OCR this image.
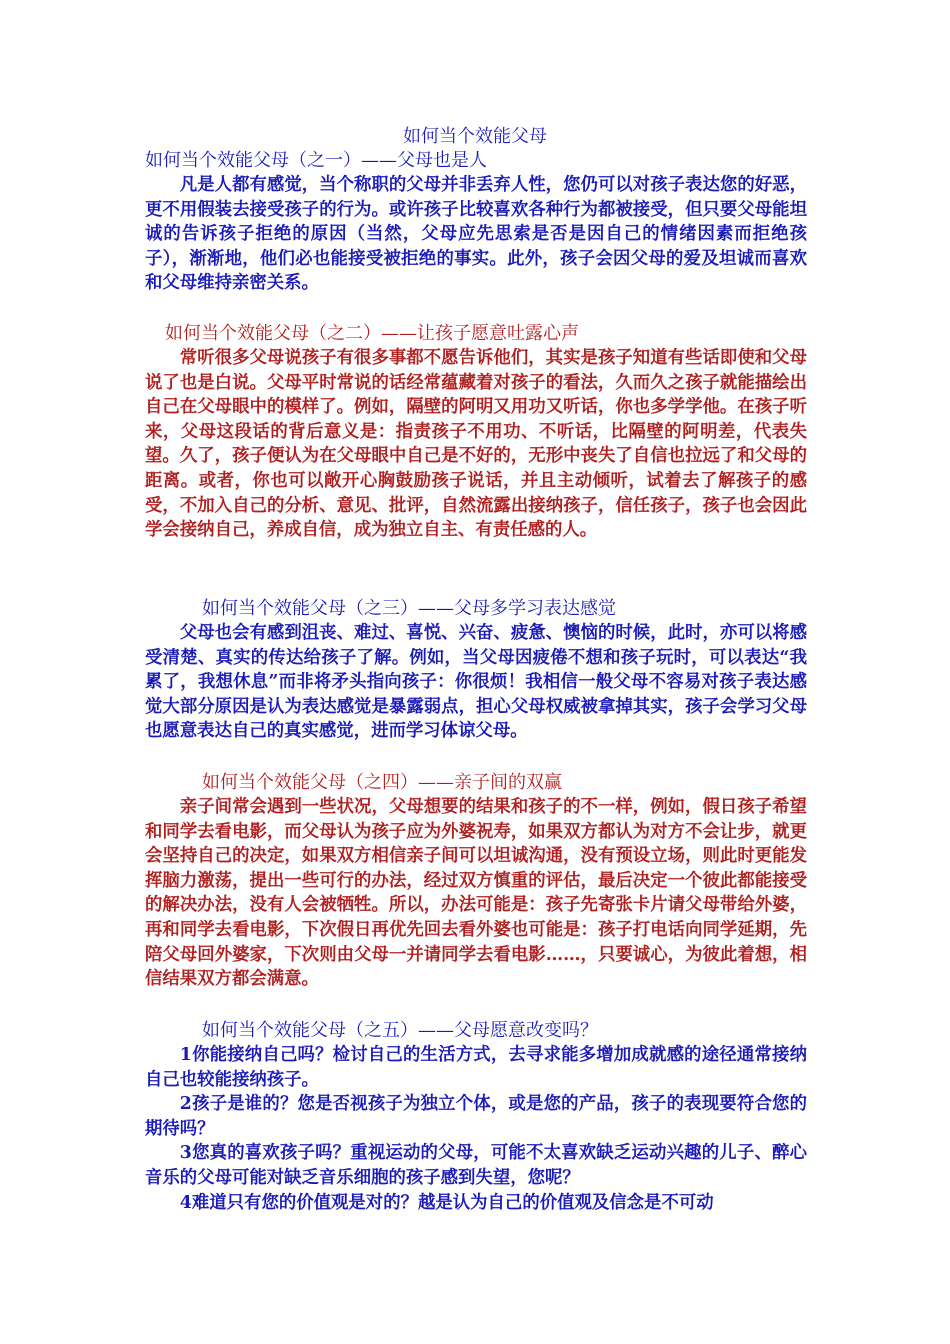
如何当个效能父母

如何当个效能父母（之一）——父母也是人

凡是人都有感觉，当个称职的父母并非丢弃人性，您仍可以对孩子表达您的好恶，更不用假装去接受孩子的行为。或许孩子比较喜欢各种行为都被接受，但只要父母能坦诚的告诉孩子拒绝的原因（当然，父母应先思索是否是因自己的情绪因素而拒绝孩子），渐渐地，他们必也能接受被拒绝的事实。此外，孩子会因父母的爱及坦诚而喜欢和父母维持亲密关系。

如何当个效能父母（之二）——让孩子愿意吐露心声

常听很多父母说孩子有很多事都不愿告诉他们，其实是孩子知道有些话即使和父母说了也是白说。父母平时常说的话经常蕴藏着对孩子的看法，久而久之孩子就能描绘出自己在父母眼中的模样了。例如，隔壁的阿明又用功又听话，你也多学学他。在孩子听来，父母这段话的背后意义是：指责孩子不用功、不听话，比隔壁的阿明差，代表失望。久了，孩子便认为在父母眼中自己是不好的，无形中丧失了自信也拉远了和父母的距离。或者，你也可以敞开心胸鼓励孩子说话，并且主动倾听，试着去了解孩子的感受，不加入自己的分析、意见、批评，自然流露出接纳孩子，信任孩子，孩子也会因此学会接纳自己，养成自信，成为独立自主、有责任感的人。

如何当个效能父母（之三）——父母多学习表达感觉

父母也会有感到沮丧、难过、喜悦、兴奋、疲惫、懊恼的时候，此时，亦可以将感受清楚、真实的传达给孩子了解。例如，当父母因疲倦不想和孩子玩时，可以表达“我累了，我想休息”而非将矛头指向孩子：你很烦！我相信一般父母不容易对孩子表达感觉大部分原因是认为表达感觉是暴露弱点，担心父母权威被拿掉其实，孩子会学习父母也愿意表达自己的真实感觉，进而学习体谅父母。

如何当个效能父母（之四）——亲子间的双赢

亲子间常会遇到一些状况，父母想要的结果和孩子的不一样，例如，假日孩子希望和同学去看电影，而父母认为孩子应为外婆祝寿，如果双方都认为对方不会让步，就更会坚持自己的决定，如果双方相信亲子间可以坦诚沟通，没有预设立场，则此时更能发挥脑力激荡，提出一些可行的办法，经过双方慎重的评估，最后决定一个彼此都能接受的解决办法，没有人会被牺牲。所以，办法可能是：孩子先寄张卡片请父母带给外婆，再和同学去看电影，下次假日再优先回去看外婆也可能是：孩子打电话向同学延期，先陪父母回外婆家，下次则由父母一并请同学去看电影……，只要诚心，为彼此着想，相信结果双方都会满意。

如何当个效能父母（之五）——父母愿意改变吗？

1你能接纳自己吗？检讨自己的生活方式，去寻求能多增加成就感的途径通常接纳自己也较能接纳孩子。

2孩子是谁的？您是否视孩子为独立个体，或是您的产品，孩子的表现要符合您的期待吗？

3您真的喜欢孩子吗？重视运动的父母，可能不太喜欢缺乏运动兴趣的儿子、醉心音乐的父母可能对缺乏音乐细胞的孩子感到失望，您呢？

4难道只有您的价值观是对的？越是认为自己的价值观及信念是不可动
